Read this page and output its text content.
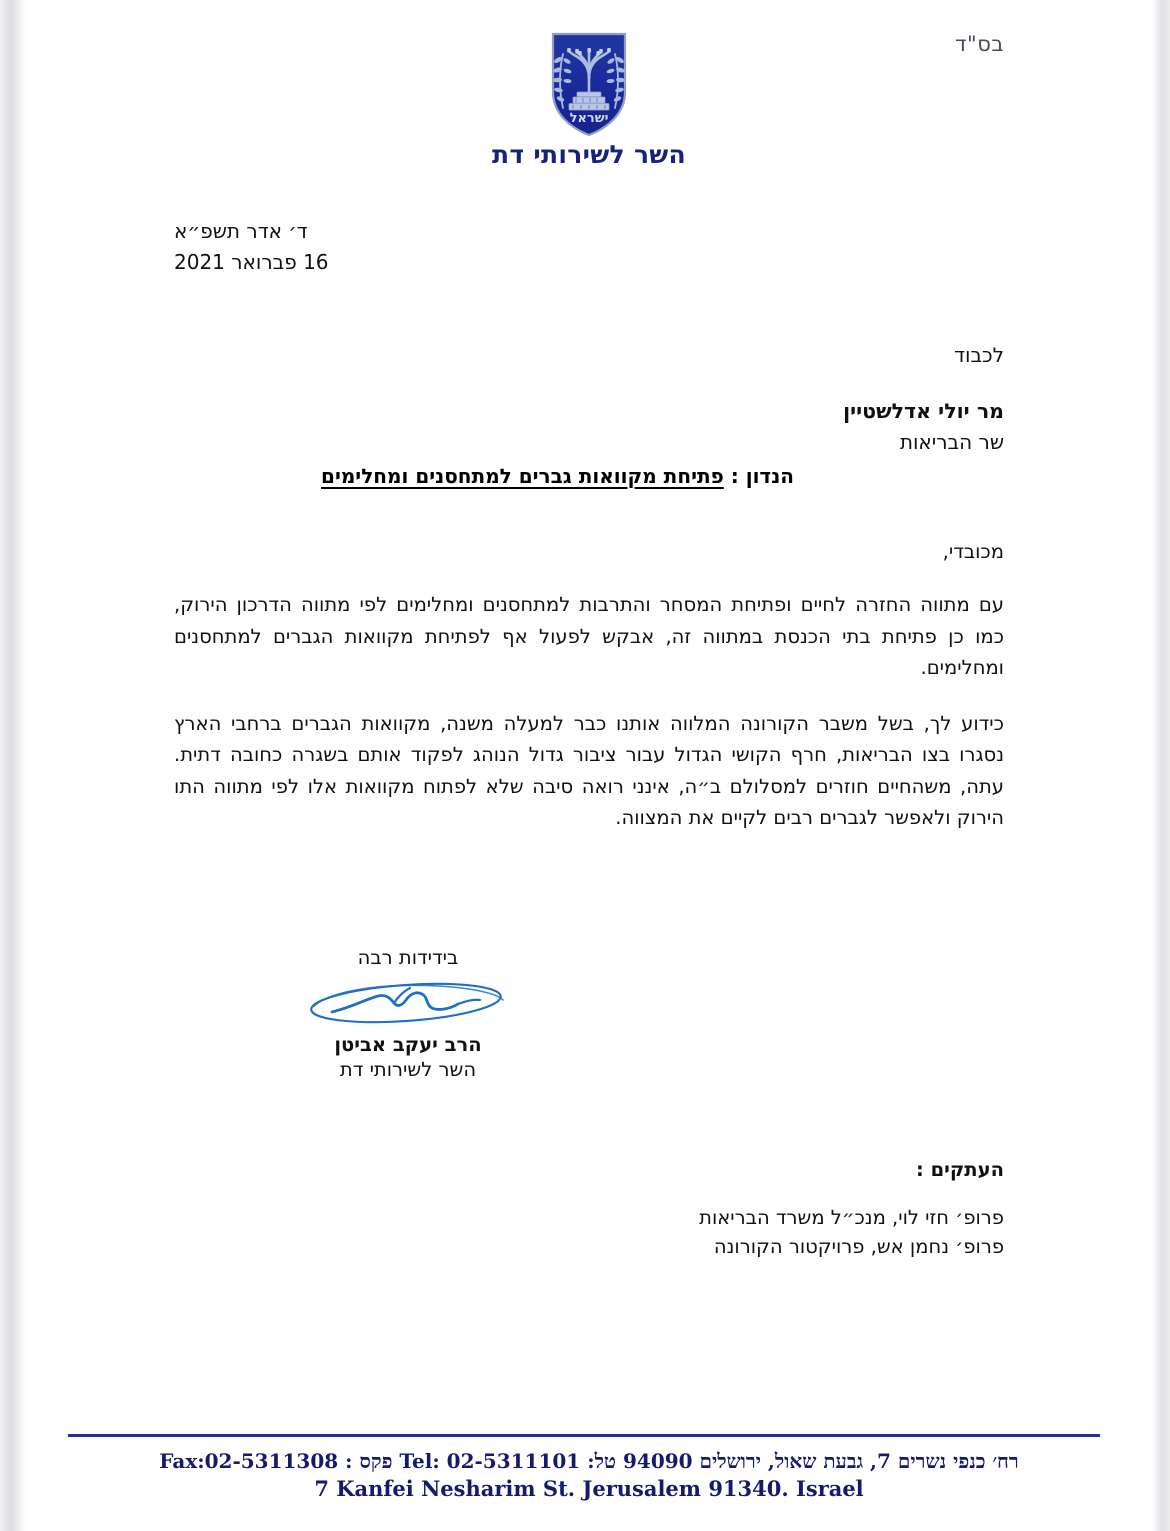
בס"ד
ישראל
השר לשירותי דת
ד׳ אדר תשפ״א
16 פברואר 2021
לכבוד
מר יולי אדלשטיין
שר הבריאות
הנדון : פתיחת מקוואות גברים למתחסנים ומחלימים
מכובדי,

עם מתווה החזרה לחיים ופתיחת המסחר והתרבות למתחסנים ומחלימים לפי מתווה הדרכון הירוק, כמו כן פתיחת בתי הכנסת במתווה זה, אבקש לפעול אף לפתיחת מקוואות הגברים למתחסנים ומחלימים.

כידוע לך, בשל משבר הקורונה המלווה אותנו כבר למעלה משנה, מקוואות הגברים ברחבי הארץ נסגרו בצו הבריאות, חרף הקושי הגדול עבור ציבור גדול הנוהג לפקוד אותם בשגרה כחובה דתית. עתה, משהחיים חוזרים למסלולם ב״ה, אינני רואה סיבה שלא לפתוח מקוואות אלו לפי מתווה התו הירוק ולאפשר לגברים רבים לקיים את המצווה.

בידידות רבה
הרב יעקב אביטן
השר לשירותי דת
העתקים :
פרופ׳ חזי לוי, מנכ״ל משרד הבריאות
פרופ׳ נחמן אש, פרויקטור הקורונה
רח׳ כנפי נשרים 7, גבעת שאול, ירושלים 94090 טל: Tel: 02-5311101 פקס : Fax:02-5311308
7 Kanfei Nesharim St. Jerusalem 91340. Israel
